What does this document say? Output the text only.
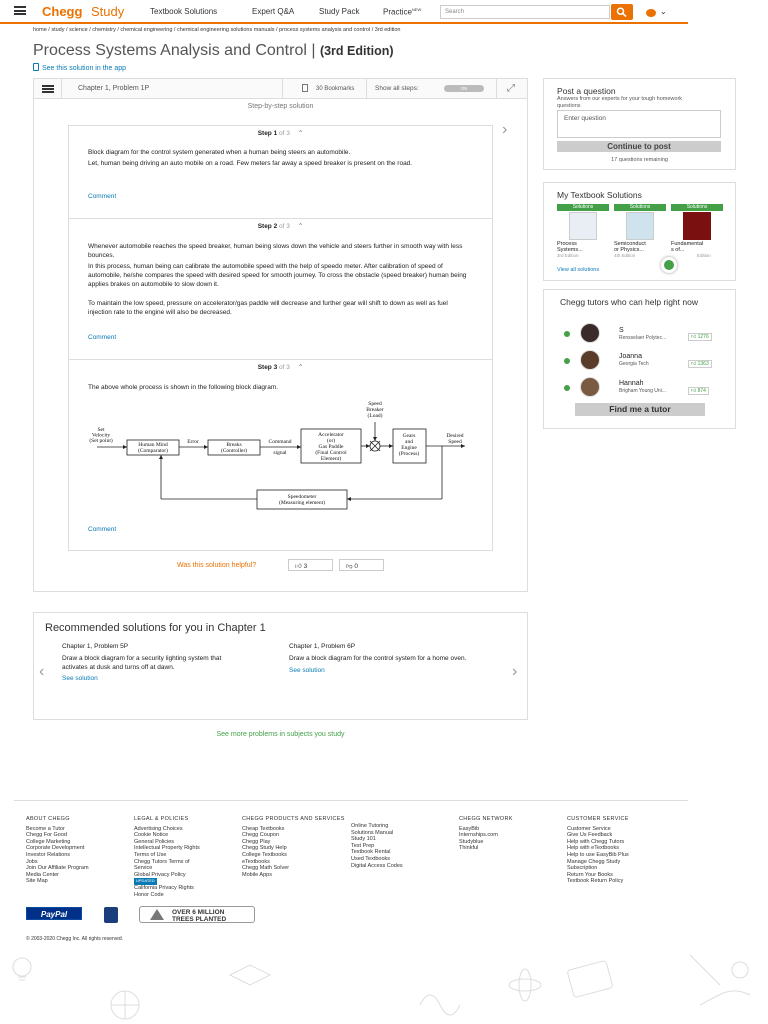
Chegg Study	Textbook Solutions	Expert Q&A	Study Pack	Practice$^{NEW}$	Search	⌄
home / study / science / chemistry / chemical engineering / chemical engineering solutions manuals / process systems analysis and control / 3rd edition
Process Systems Analysis and Control | (3rd Edition)
See this solution in the app
Chapter 1, Problem 1P	30 Bookmarks	Show all steps:	ON	⤢
Step-by-step solution
›
Step 1 of 3 ⌃
Block diagram for the control system generated when a human being steers an automobile.
Let, human being driving an auto mobile on a road. Few meters far away a speed breaker is present on the road.
Comment
Step 2 of 3 ⌃
Whenever automobile reaches the speed breaker, human being slows down the vehicle and steers further in smooth way with less bounces.
In this process, human being can calibrate the automobile speed with the help of speedo meter. After calibration of speed of automobile, he/she compares the speed with desired speed for smooth journey. To cross the obstacle (speed breaker) human being applies brakes on automobile to slow down it.
To maintain the low speed, pressure on accelerator/gas paddle will decrease and further gear will shift to down as well as fuel injection rate to the engine will also be decreased.
Comment
Step 3 of 3 ⌃
The above whole process is shown in the following block diagram.
Set
Velocity
(Set point)
Human Mind
(Comparator)
Error	Breaks
(Controller)
Command
signal
Accelerator
(or)
Gas Paddle
(Final Control
Element)
Speed
Breaker
(Load)
Gears
and
Engine
(Process)
Desired
Speed
Speedometer
(Measuring element)
Comment
Was this solution helpful?	👍︎ 3	👎︎ 0
Post a question
Answers from our experts for your tough homework questions
Enter question
Continue to post
17 questions remaining
My Textbook Solutions
Solutions
Process
Systems...
3rd Edition
Solutions
Semiconduct
or Physics...
4th Edition
Solutions
Fundamental
s of...
Edition
View all solutions
Chegg tutors who can help right now
S
Rensselaer Polytec...	👍︎ 1276
Joanna
Georgia Tech	👍︎ 1363
Hannah
Brigham Young Uni...	👍︎ 874
Find me a tutor
Recommended solutions for you in Chapter 1
‹
Chapter 1, Problem 5P
Draw a block diagram for a security lighting system that activates at dusk and turns off at dawn.
See solution
Chapter 1, Problem 6P
Draw a block diagram for the control system for a home oven.
See solution	›
See more problems in subjects you study
ABOUT CHEGG
Become a Tutor
Chegg For Good
College Marketing
Corporate Development
Investor Relations
Jobs
Join Our Affiliate Program
Media Center
Site Map
LEGAL & POLICIES
Advertising Choices
Cookie Notice
General Policies
Intellectual Property Rights
Terms of Use
Chegg Tutors Terms of
Service
Global Privacy Policy
UPDATED
California Privacy Rights
Honor Code
CHEGG PRODUCTS AND SERVICES
Cheap Textbooks
Chegg Coupon
Chegg Play
Chegg Study Help
College Textbooks
eTextbooks
Chegg Math Solver
Mobile Apps
Online Tutoring
Solutions Manual
Study 101
Test Prep
Textbook Rental
Used Textbooks
Digital Access Codes
CHEGG NETWORK
EasyBib
Internships.com
Studyblue
Thinkful
CUSTOMER SERVICE
Customer Service
Give Us Feedback
Help with Chegg Tutors
Help with eTextbooks
Help to use EasyBib Plus
Manage Chegg Study
Subscription
Return Your Books
Textbook Return Policy
PayPal	OVER 6 MILLION
TREES PLANTED
© 2003-2020 Chegg Inc. All rights reserved.
